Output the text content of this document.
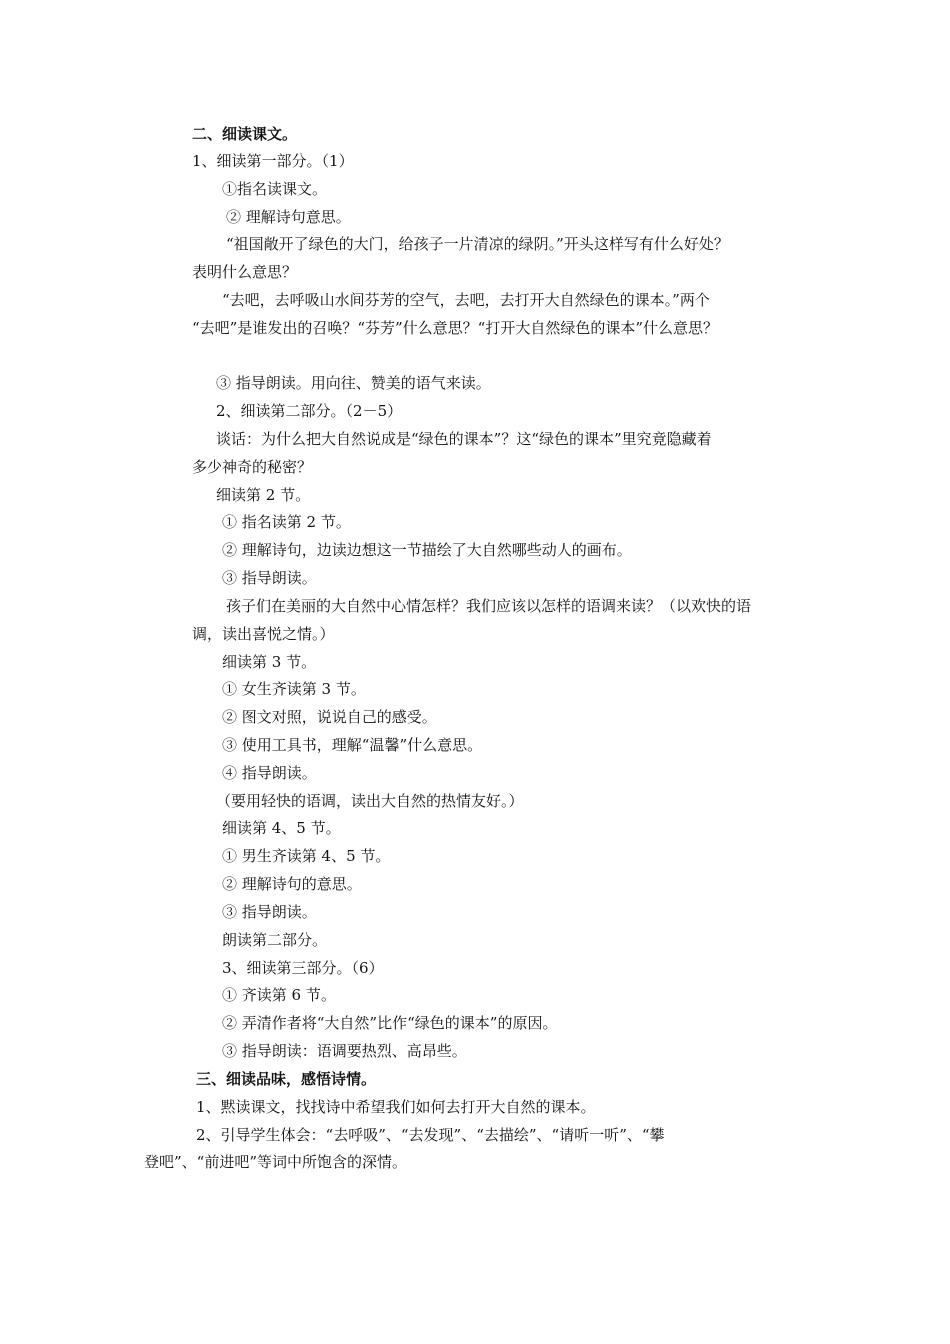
二、细读课文。
1、细读第一部分。（1）
①指名读课文。
② 理解诗句意思。
“祖国敞开了绿色的大门，给孩子一片清凉的绿阴。”开头这样写有什么好处？
表明什么意思？
“去吧，去呼吸山水间芬芳的空气，去吧，去打开大自然绿色的课本。”两个
“去吧”是谁发出的召唤？“芬芳”什么意思？“打开大自然绿色的课本”什么意思？
③ 指导朗读。用向往、赞美的语气来读。
2、细读第二部分。（2－5）
谈话：为什么把大自然说成是“绿色的课本”？这“绿色的课本”里究竟隐藏着
多少神奇的秘密？
细读第 2 节。
① 指名读第 2 节。
② 理解诗句，边读边想这一节描绘了大自然哪些动人的画布。
③ 指导朗读。
孩子们在美丽的大自然中心情怎样？我们应该以怎样的语调来读？（以欢快的语
调，读出喜悦之情。）
细读第 3 节。
① 女生齐读第 3 节。
② 图文对照，说说自己的感受。
③ 使用工具书，理解“温馨”什么意思。
④ 指导朗读。
（要用轻快的语调，读出大自然的热情友好。）
细读第 4、5 节。
① 男生齐读第 4、5 节。
② 理解诗句的意思。
③ 指导朗读。
朗读第二部分。
3、细读第三部分。（6）
① 齐读第 6 节。
② 弄清作者将“大自然”比作“绿色的课本”的原因。
③ 指导朗读：语调要热烈、高昂些。
三、细读品味，感悟诗情。
1、黙读课文，找找诗中希望我们如何去打开大自然的课本。
2、引导学生体会：“去呼吸”、“去发现”、“去描绘”、“请听一听”、“攀
登吧”、“前进吧”等词中所饱含的深情。
